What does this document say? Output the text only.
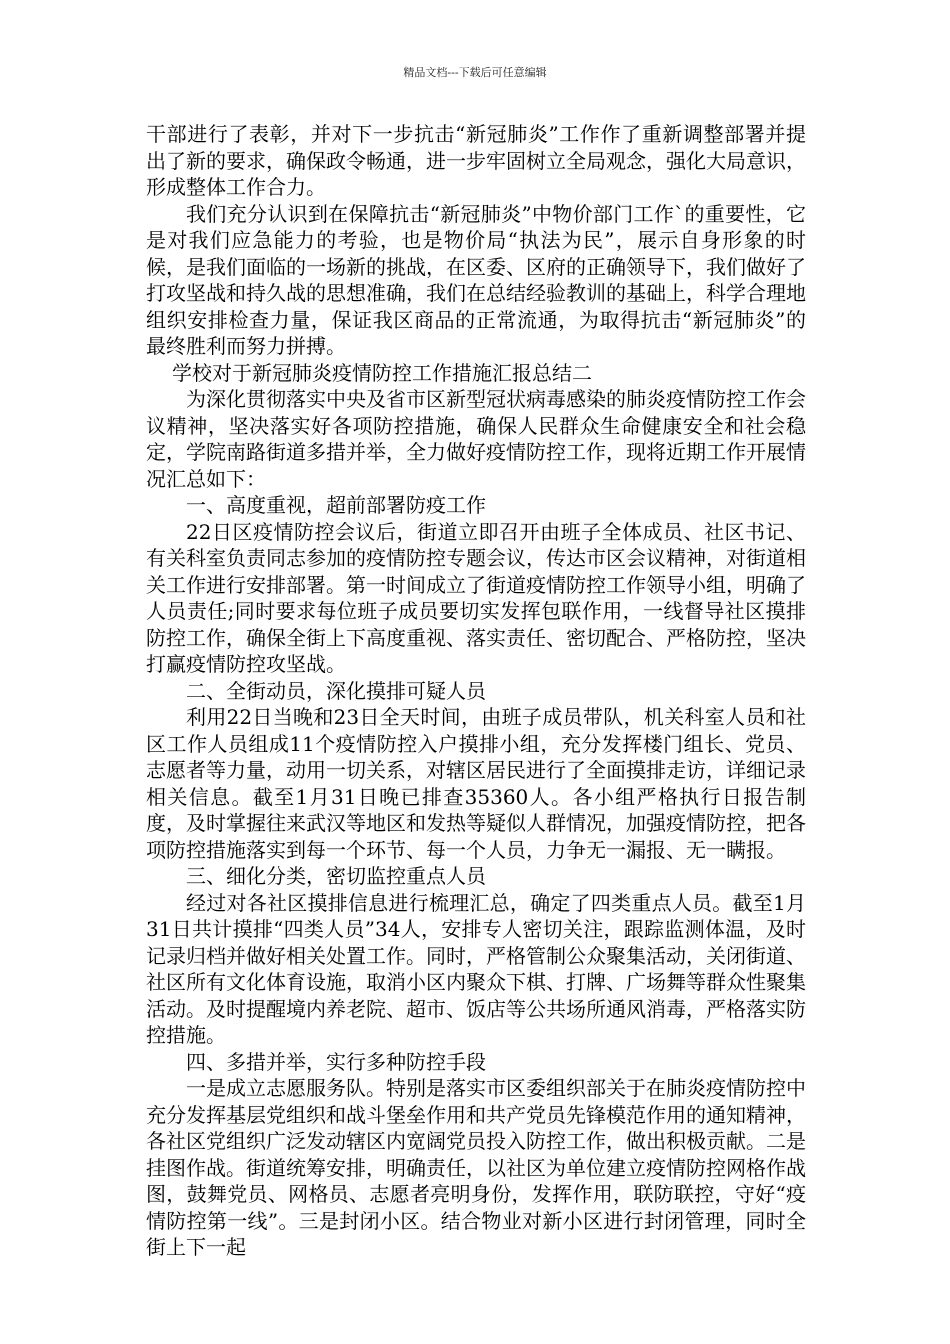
精品文档---下载后可任意编辑

干部进行了表彰，并对下一步抗击“新冠肺炎”工作作了重新调整部署并提出了新的要求，确保政令畅通，进一步牢固树立全局观念，强化大局意识，形成整体工作合力。

我们充分认识到在保障抗击“新冠肺炎”中物价部门工作`的重要性，它是对我们应急能力的考验，也是物价局“执法为民”，展示自身形象的时候，是我们面临的一场新的挑战，在区委、区府的正确领导下，我们做好了打攻坚战和持久战的思想准确，我们在总结经验教训的基础上，科学合理地组织安排检查力量，保证我区商品的正常流通，为取得抗击“新冠肺炎”的最终胜利而努力拼搏。

学校对于新冠肺炎疫情防控工作措施汇报总结二

为深化贯彻落实中央及省市区新型冠状病毒感染的肺炎疫情防控工作会议精神，坚决落实好各项防控措施，确保人民群众生命健康安全和社会稳定，学院南路街道多措并举，全力做好疫情防控工作，现将近期工作开展情况汇总如下：

一、高度重视，超前部署防疫工作

22日区疫情防控会议后，街道立即召开由班子全体成员、社区书记、有关科室负责同志参加的疫情防控专题会议，传达市区会议精神，对街道相关工作进行安排部署。第一时间成立了街道疫情防控工作领导小组，明确了人员责任;同时要求每位班子成员要切实发挥包联作用，一线督导社区摸排防控工作，确保全街上下高度重视、落实责任、密切配合、严格防控，坚决打赢疫情防控攻坚战。

二、全街动员，深化摸排可疑人员

利用22日当晚和23日全天时间，由班子成员带队，机关科室人员和社区工作人员组成11个疫情防控入户摸排小组，充分发挥楼门组长、党员、志愿者等力量，动用一切关系，对辖区居民进行了全面摸排走访，详细记录相关信息。截至1月31日晚已排查35360人。各小组严格执行日报告制度，及时掌握往来武汉等地区和发热等疑似人群情况，加强疫情防控，把各项防控措施落实到每一个环节、每一个人员，力争无一漏报、无一瞒报。

三、细化分类，密切监控重点人员

经过对各社区摸排信息进行梳理汇总，确定了四类重点人员。截至1月31日共计摸排“四类人员”34人，安排专人密切关注，跟踪监测体温，及时记录归档并做好相关处置工作。同时，严格管制公众聚集活动，关闭街道、社区所有文化体育设施，取消小区内聚众下棋、打牌、广场舞等群众性聚集活动。及时提醒境内养老院、超市、饭店等公共场所通风消毒，严格落实防控措施。

四、多措并举，实行多种防控手段

一是成立志愿服务队。特别是落实市区委组织部关于在肺炎疫情防控中充分发挥基层党组织和战斗堡垒作用和共产党员先锋模范作用的通知精神，各社区党组织广泛发动辖区内宽阔党员投入防控工作，做出积极贡献。二是挂图作战。街道统筹安排，明确责任，以社区为单位建立疫情防控网格作战图，鼓舞党员、网格员、志愿者亮明身份，发挥作用，联防联控，守好“疫情防控第一线”。三是封闭小区。结合物业对新小区进行封闭管理，同时全街上下一起
